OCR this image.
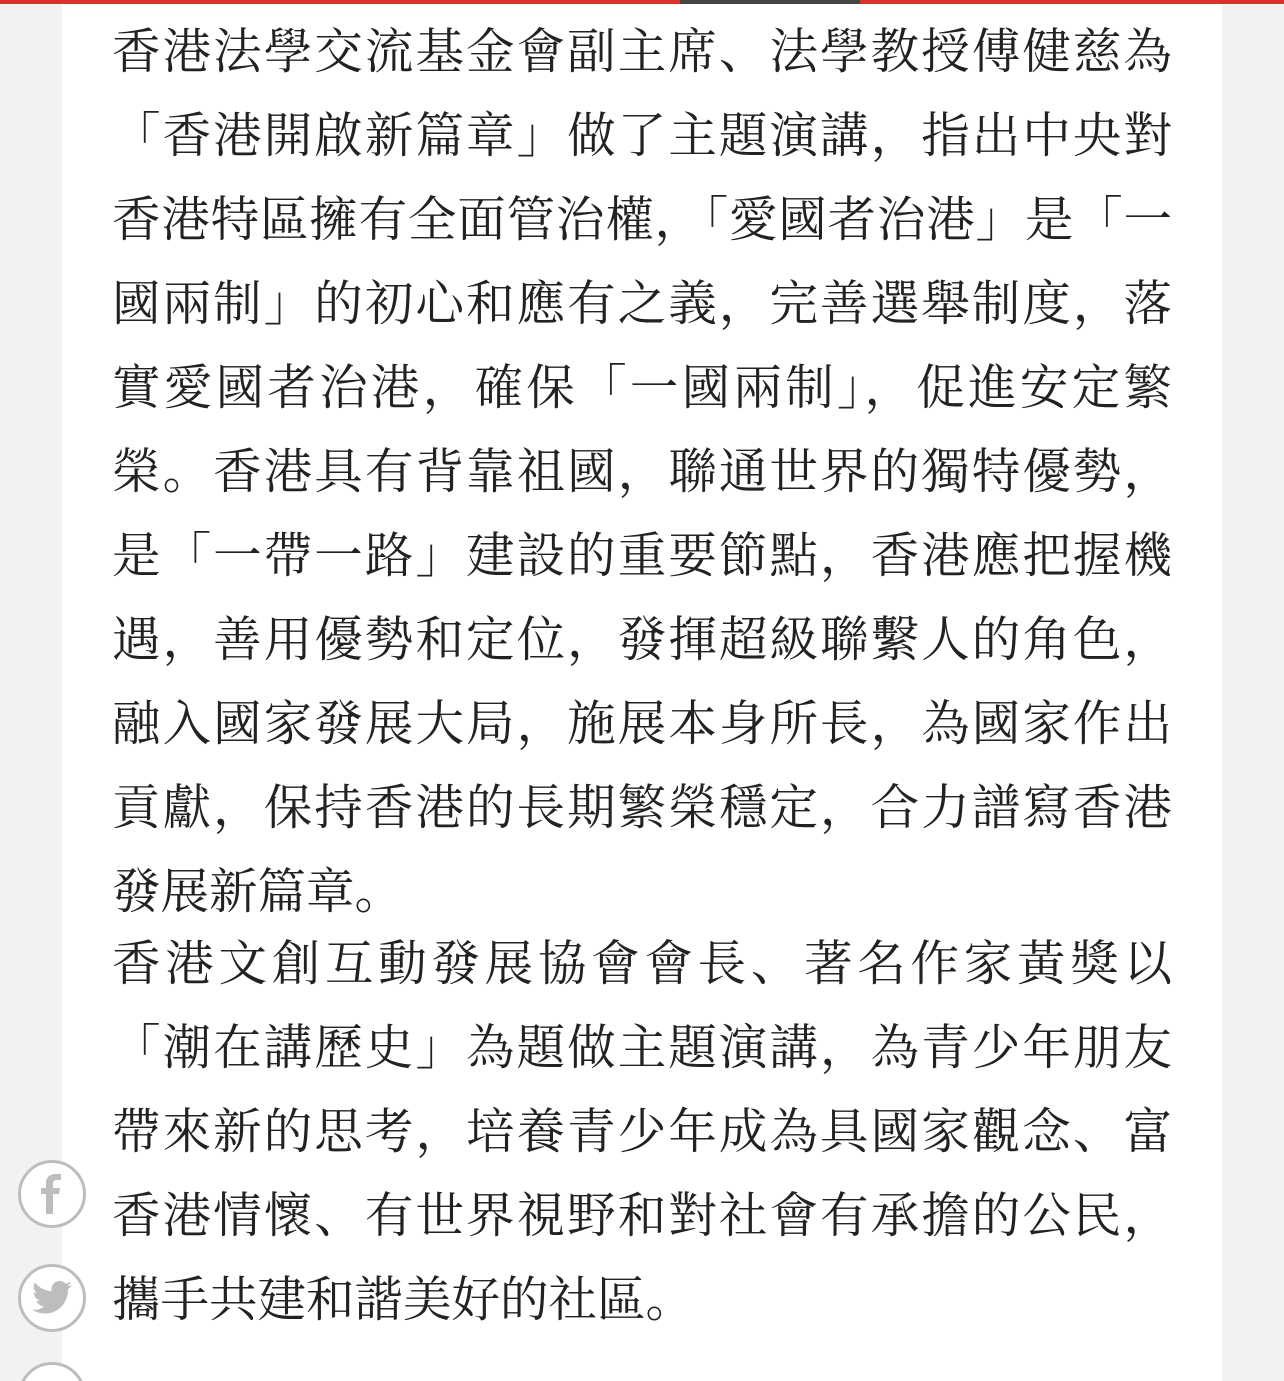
香港法學交流基金會副主席、法學教授傅健慈為「香港開啟新篇章」做了主題演講，指出中央對香港特區擁有全面管治權，「愛國者治港」是「一國兩制」的初心和應有之義，完善選舉制度，落實愛國者治港，確保「一國兩制」，促進安定繁榮。香港具有背靠祖國，聯通世界的獨特優勢，是「一帶一路」建設的重要節點，香港應把握機遇，善用優勢和定位，發揮超級聯繫人的角色，融入國家發展大局，施展本身所長，為國家作出貢獻，保持香港的長期繁榮穩定，合力譜寫香港發展新篇章。

香港文創互動發展協會會長、著名作家黃獎以「潮在講歷史」為題做主題演講，為青少年朋友帶來新的思考，培養青少年成為具國家觀念、富香港情懷、有世界視野和對社會有承擔的公民，攜手共建和諧美好的社區。
